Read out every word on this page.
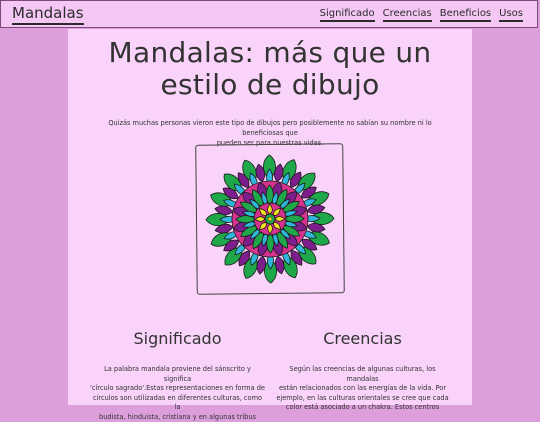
Mandalas	Significado Creencias Beneficios Usos
Mandalas: más que un
estilo de dibujo

Quizás muchas personas vieron este tipo de dibujos pero posiblemente no sabían su nombre ni lo beneficiosas que
pueden ser para nuestras vidas.

Significado

La palabra mandala proviene del sánscrito y significa
'círculo sagrado'.Estas representaciones en forma de
círculos son utilizadas en diferentes culturas, como la
budista, hinduista, cristiana y en algunas tribus

Creencias

Según las creencias de algunas culturas, los mandalas
están relacionados con las energías de la vida. Por
ejemplo, en las culturas orientales se cree que cada
color está asociado a un chakra. Estos centros
